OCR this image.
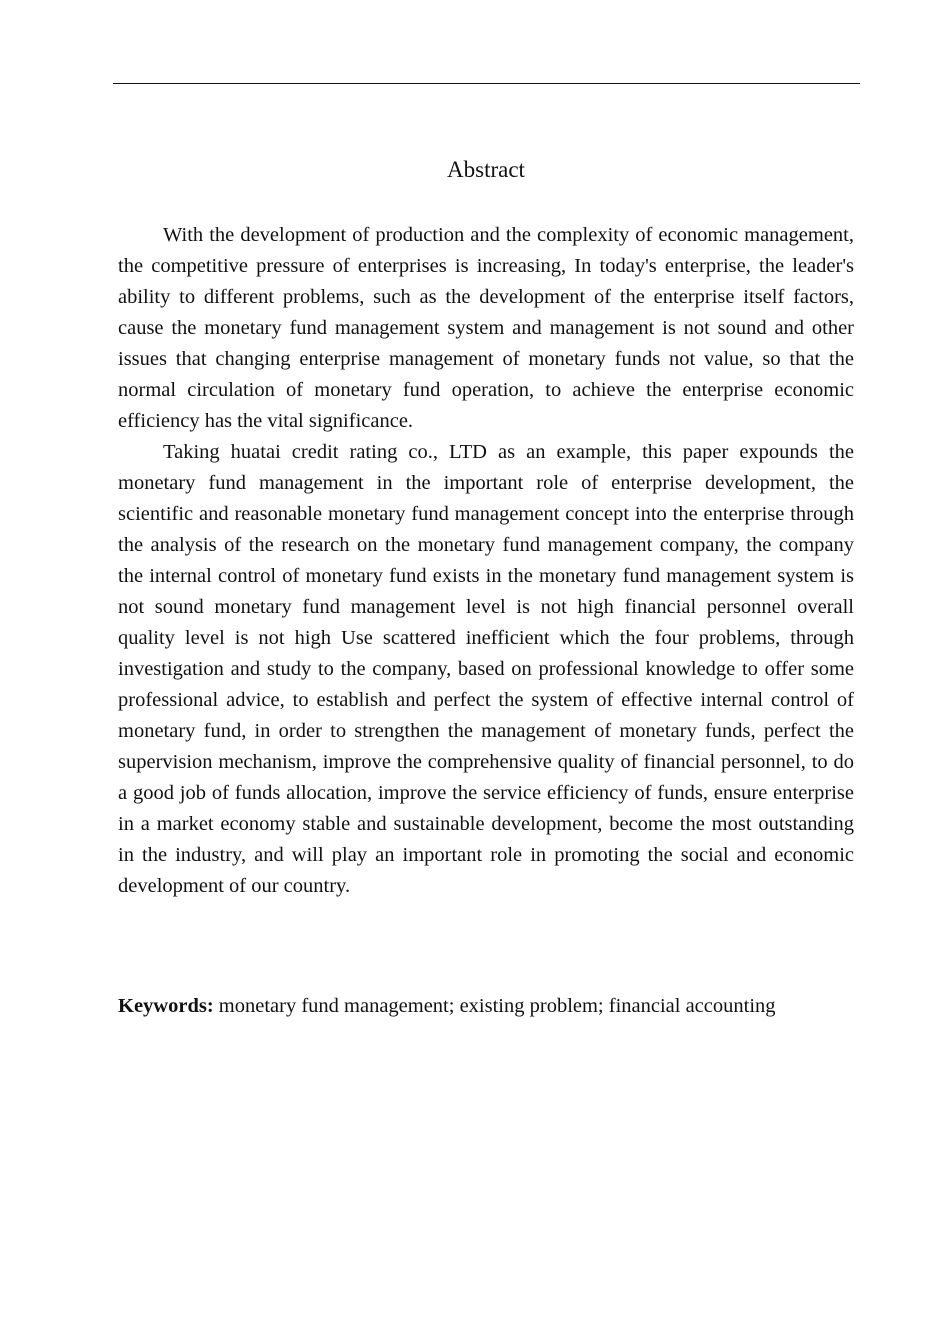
Abstract

With the development of production and the complexity of economic management, the competitive pressure of enterprises is increasing, In today's enterprise, the leader's ability to different problems, such as the development of the enterprise itself factors, cause the monetary fund management system and management is not sound and other issues that changing enterprise management of monetary funds not value, so that the normal circulation of monetary fund operation, to achieve the enterprise economic efficiency has the vital significance.

Taking huatai credit rating co., LTD as an example, this paper expounds the monetary fund management in the important role of enterprise development, the scientific and reasonable monetary fund management concept into the enterprise through the analysis of the research on the monetary fund management company, the company the internal control of monetary fund exists in the monetary fund management system is not sound monetary fund management level is not high financial personnel overall quality level is not high Use scattered inefficient which the four problems, through investigation and study to the company, based on professional knowledge to offer some professional advice, to establish and perfect the system of effective internal control of monetary fund, in order to strengthen the management of monetary funds, perfect the supervision mechanism, improve the comprehensive quality of financial personnel, to do a good job of funds allocation, improve the service efficiency of funds, ensure enterprise in a market economy stable and sustainable development, become the most outstanding in the industry, and will play an important role in promoting the social and economic development of our country.

Keywords: monetary fund management; existing problem; financial accounting
